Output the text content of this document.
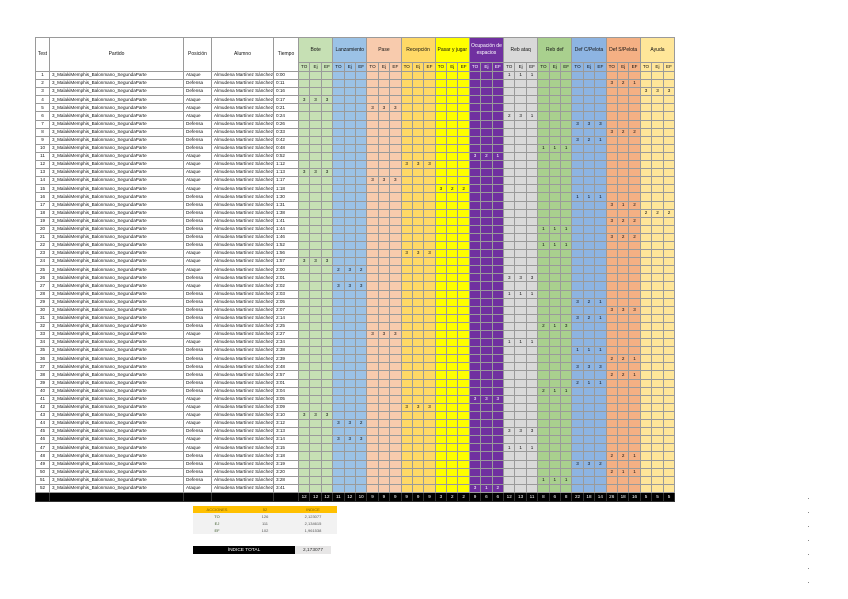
Test	Partido	Posición	Alumno	Tiempo	Bote			Lanzamiento			Pase			Recepción			Pasar y jugar			Ocupación de espacios			Reb ataq			Reb def			Def C/Pelota			Def S/Pelota			Ayuda		
					TO	Ej	EF	TO	Ej	EF	TO	Ej	EF	TO	Ej	EF	TO	Ej	EF	TO	Ej	EF	TO	Ej	EF	TO	Ej	EF	TO	Ej	EF	TO	Ej	EF	TO	Ej	EF
1	3_MalakiMemphis_Balonmano_SegundaParte	Ataque	Almudena Martínez Sánchez	0:00																			1	1	1												
2	3_MalakiMemphis_Balonmano_SegundaParte	Defensa	Almudena Martínez Sánchez	0:11																												3	2	1			
3	3_MalakiMemphis_Balonmano_SegundaParte	Defensa	Almudena Martínez Sánchez	0:16																															3	3	3
4	3_MalakiMemphis_Balonmano_SegundaParte	Ataque	Almudena Martínez Sánchez	0:17	3	3	3																														
5	3_MalakiMemphis_Balonmano_SegundaParte	Ataque	Almudena Martínez Sánchez	0:21							3	3	3																								
6	3_MalakiMemphis_Balonmano_SegundaParte	Ataque	Almudena Martínez Sánchez	0:24																			2	3	1												
7	3_MalakiMemphis_Balonmano_SegundaParte	Defensa	Almudena Martínez Sánchez	0:26																									3	3	3						
8	3_MalakiMemphis_Balonmano_SegundaParte	Defensa	Almudena Martínez Sánchez	0:33																												3	2	2			
9	3_MalakiMemphis_Balonmano_SegundaParte	Defensa	Almudena Martínez Sánchez	0:42																									3	2	1						
10	3_MalakiMemphis_Balonmano_SegundaParte	Defensa	Almudena Martínez Sánchez	0:48																						1	1	1									
11	3_MalakiMemphis_Balonmano_SegundaParte	Ataque	Almudena Martínez Sánchez	0:52																3	2	1															
12	3_MalakiMemphis_Balonmano_SegundaParte	Ataque	Almudena Martínez Sánchez	1:12										3	3	3																					
13	3_MalakiMemphis_Balonmano_SegundaParte	Ataque	Almudena Martínez Sánchez	1:13	3	3	3																														
14	3_MalakiMemphis_Balonmano_SegundaParte	Ataque	Almudena Martínez Sánchez	1:17							3	3	3																								
15	3_MalakiMemphis_Balonmano_SegundaParte	Ataque	Almudena Martínez Sánchez	1:18													3	2	2																		
16	3_MalakiMemphis_Balonmano_SegundaParte	Defensa	Almudena Martínez Sánchez	1:30																									1	1	1						
17	3_MalakiMemphis_Balonmano_SegundaParte	Defensa	Almudena Martínez Sánchez	1:31																												3	1	2			
18	3_MalakiMemphis_Balonmano_SegundaParte	Defensa	Almudena Martínez Sánchez	1:38																															2	2	2
19	3_MalakiMemphis_Balonmano_SegundaParte	Defensa	Almudena Martínez Sánchez	1:41																												3	2	2			
20	3_MalakiMemphis_Balonmano_SegundaParte	Defensa	Almudena Martínez Sánchez	1:44																						1	1	1									
21	3_MalakiMemphis_Balonmano_SegundaParte	Defensa	Almudena Martínez Sánchez	1:46																												3	2	2			
22	3_MalakiMemphis_Balonmano_SegundaParte	Defensa	Almudena Martínez Sánchez	1:52																						1	1	1									
23	3_MalakiMemphis_Balonmano_SegundaParte	Ataque	Almudena Martínez Sánchez	1:56										3	3	3																					
24	3_MalakiMemphis_Balonmano_SegundaParte	Ataque	Almudena Martínez Sánchez	1:57	3	3	3																														
25	3_MalakiMemphis_Balonmano_SegundaParte	Ataque	Almudena Martínez Sánchez	2:00				2	3	2																											
26	3_MalakiMemphis_Balonmano_SegundaParte	Defensa	Almudena Martínez Sánchez	2:01																			3	3	3												
27	3_MalakiMemphis_Balonmano_SegundaParte	Ataque	Almudena Martínez Sánchez	2:02				3	3	3																											
28	3_MalakiMemphis_Balonmano_SegundaParte	Defensa	Almudena Martínez Sánchez	2:03																			1	1	1												
29	3_MalakiMemphis_Balonmano_SegundaParte	Defensa	Almudena Martínez Sánchez	2:05																									3	2	1						
30	3_MalakiMemphis_Balonmano_SegundaParte	Defensa	Almudena Martínez Sánchez	2:07																												3	3	3			
31	3_MalakiMemphis_Balonmano_SegundaParte	Defensa	Almudena Martínez Sánchez	2:14																									3	2	1						
32	3_MalakiMemphis_Balonmano_SegundaParte	Defensa	Almudena Martínez Sánchez	2:25																						2	1	3									
33	3_MalakiMemphis_Balonmano_SegundaParte	Ataque	Almudena Martínez Sánchez	2:27							3	3	3																								
34	3_MalakiMemphis_Balonmano_SegundaParte	Ataque	Almudena Martínez Sánchez	2:34																			1	1	1												
35	3_MalakiMemphis_Balonmano_SegundaParte	Defensa	Almudena Martínez Sánchez	2:38																									1	1	1						
36	3_MalakiMemphis_Balonmano_SegundaParte	Defensa	Almudena Martínez Sánchez	2:39																												2	2	1			
37	3_MalakiMemphis_Balonmano_SegundaParte	Defensa	Almudena Martínez Sánchez	2:48																									3	3	3						
38	3_MalakiMemphis_Balonmano_SegundaParte	Defensa	Almudena Martínez Sánchez	2:57																												2	2	1			
39	3_MalakiMemphis_Balonmano_SegundaParte	Defensa	Almudena Martínez Sánchez	3:01																									2	1	1						
40	3_MalakiMemphis_Balonmano_SegundaParte	Defensa	Almudena Martínez Sánchez	3:04																						2	1	1									
41	3_MalakiMemphis_Balonmano_SegundaParte	Ataque	Almudena Martínez Sánchez	3:05																3	3	3															
42	3_MalakiMemphis_Balonmano_SegundaParte	Ataque	Almudena Martínez Sánchez	3:09										3	3	3																					
43	3_MalakiMemphis_Balonmano_SegundaParte	Ataque	Almudena Martínez Sánchez	3:10	3	3	3																														
44	3_MalakiMemphis_Balonmano_SegundaParte	Ataque	Almudena Martínez Sánchez	3:12				3	3	2																											
45	3_MalakiMemphis_Balonmano_SegundaParte	Defensa	Almudena Martínez Sánchez	3:13																			3	3	3												
46	3_MalakiMemphis_Balonmano_SegundaParte	Ataque	Almudena Martínez Sánchez	3:14				3	3	3																											
47	3_MalakiMemphis_Balonmano_SegundaParte	Ataque	Almudena Martínez Sánchez	3:15																			1	1	1												
48	3_MalakiMemphis_Balonmano_SegundaParte	Defensa	Almudena Martínez Sánchez	3:18																												2	2	1			
49	3_MalakiMemphis_Balonmano_SegundaParte	Defensa	Almudena Martínez Sánchez	3:19																									3	3	2						
50	3_MalakiMemphis_Balonmano_SegundaParte	Defensa	Almudena Martínez Sánchez	3:20																												2	1	1			
51	3_MalakiMemphis_Balonmano_SegundaParte	Defensa	Almudena Martínez Sánchez	3:28																						1	1	1									
52	3_MalakiMemphis_Balonmano_SegundaParte	Ataque	Almudena Martínez Sánchez	3:41																3	1	2															
					12	12	12	11	12	10	9	9	9	9	9	9	3	2	2	9	6	6	12	13	11	8	6	8	22	18	14	26	18	16	5	5	5
ACCIONES	52	INDICE
TO	126	2,123077
EJ	111	2,134615
EF	102	1,961538
ÍNDICE TOTAL	2,173077
